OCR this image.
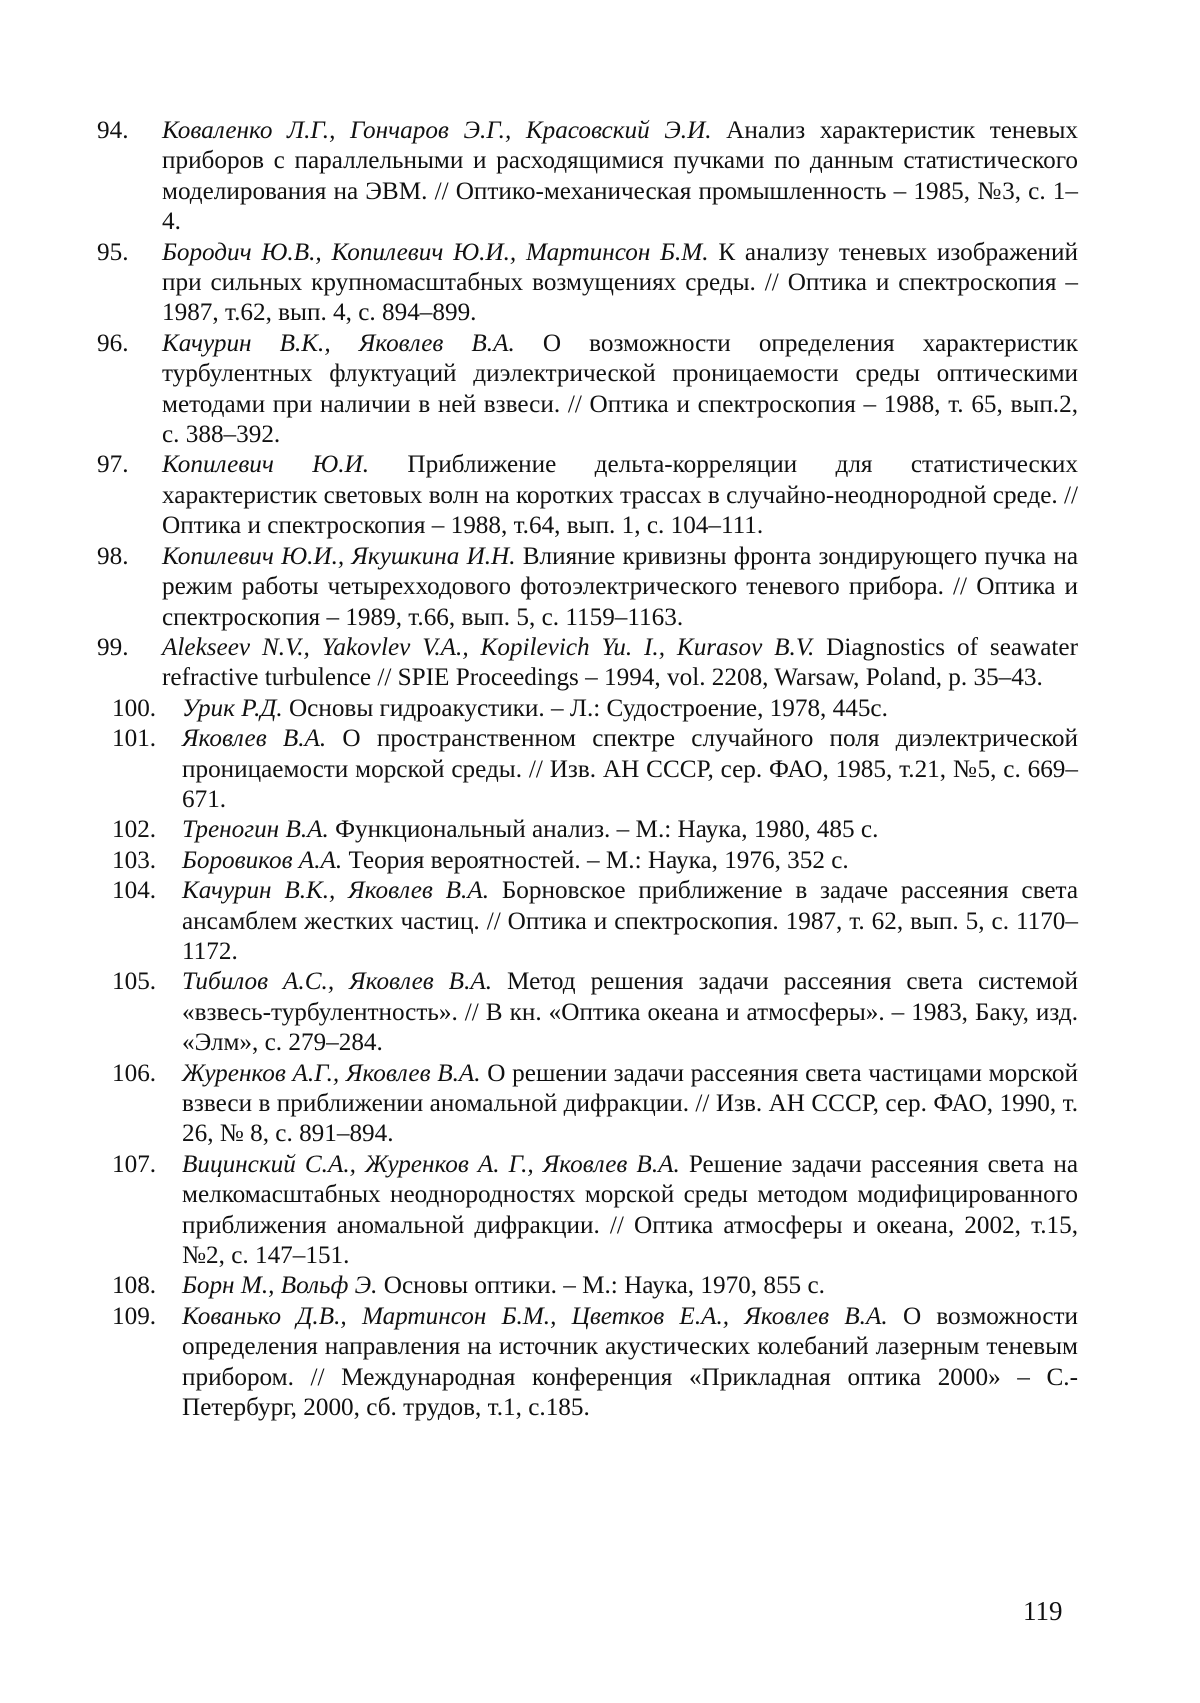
94.	Коваленко Л.Г., Гончаров Э.Г., Красовский Э.И. Анализ характеристик теневых приборов с параллельными и расходящимися пучками по данным статистического моделирования на ЭВМ. // Оптико-механическая промышленность – 1985, №3, с. 1–4.
95.	Бородич Ю.В., Копилевич Ю.И., Мартинсон Б.М. К анализу теневых изображений при сильных крупномасштабных возмущениях среды. // Оптика и спектроскопия – 1987, т.62, вып. 4, с. 894–899.
96.	Качурин В.К., Яковлев В.А. О возможности определения характеристик турбулентных флуктуаций диэлектрической проницаемости среды оптическими методами при наличии в ней взвеси. // Оптика и спектроскопия – 1988, т. 65, вып.2, с. 388–392.
97.	Копилевич Ю.И. Приближение дельта-корреляции для статистических характеристик световых волн на коротких трассах в случайно-неоднородной среде. // Оптика и спектроскопия – 1988, т.64, вып. 1, с. 104–111.
98.	Копилевич Ю.И., Якушкина И.Н. Влияние кривизны фронта зондирующего пучка на режим работы четырехходового фотоэлектрического теневого прибора. // Оптика и спектроскопия – 1989, т.66, вып. 5, с. 1159–1163.
99.	Alekseev N.V., Yakovlev V.A., Kopilevich Yu. I., Kurasov B.V. Diagnostics of seawater refractive turbulence // SPIE Proceedings – 1994, vol. 2208, Warsaw, Poland, p. 35–43.
100.	Урик Р.Д. Основы гидроакустики. – Л.: Судостроение, 1978, 445с.
101.	Яковлев В.А. О пространственном спектре случайного поля диэлектрической проницаемости морской среды. // Изв. АН СССР, сер. ФАО, 1985, т.21, №5, с. 669–671.
102.	Треногин В.А. Функциональный анализ. – М.: Наука, 1980, 485 с.
103.	Боровиков А.А. Теория вероятностей. – М.: Наука, 1976, 352 с.
104.	Качурин В.К., Яковлев В.А. Борновское приближение в задаче рассеяния света ансамблем жестких частиц. // Оптика и спектроскопия. 1987, т. 62, вып. 5, с. 1170–1172.
105.	Тибилов А.С., Яковлев В.А. Метод решения задачи рассеяния света системой «взвесь-турбулентность». // В кн. «Оптика океана и атмосферы». – 1983, Баку, изд. «Элм», с. 279–284.
106.	Журенков А.Г., Яковлев В.А. О решении задачи рассеяния света частицами морской взвеси в приближении аномальной дифракции. // Изв. АН СССР, сер. ФАО, 1990, т. 26, № 8, с. 891–894.
107.	Вицинский С.А., Журенков А. Г., Яковлев В.А. Решение задачи рассеяния света на мелкомасштабных неоднородностях морской среды методом модифицированного приближения аномальной дифракции. // Оптика атмосферы и океана, 2002, т.15, №2, с. 147–151.
108.	Борн М., Вольф Э. Основы оптики. – М.: Наука, 1970, 855 с.
109.	Кованько Д.В., Мартинсон Б.М., Цветков Е.А., Яковлев В.А. О возможности определения направления на источник акустических колебаний лазерным теневым прибором. // Международная конференция «Прикладная оптика 2000» – С.-Петербург, 2000, сб. трудов, т.1, с.185.
119
